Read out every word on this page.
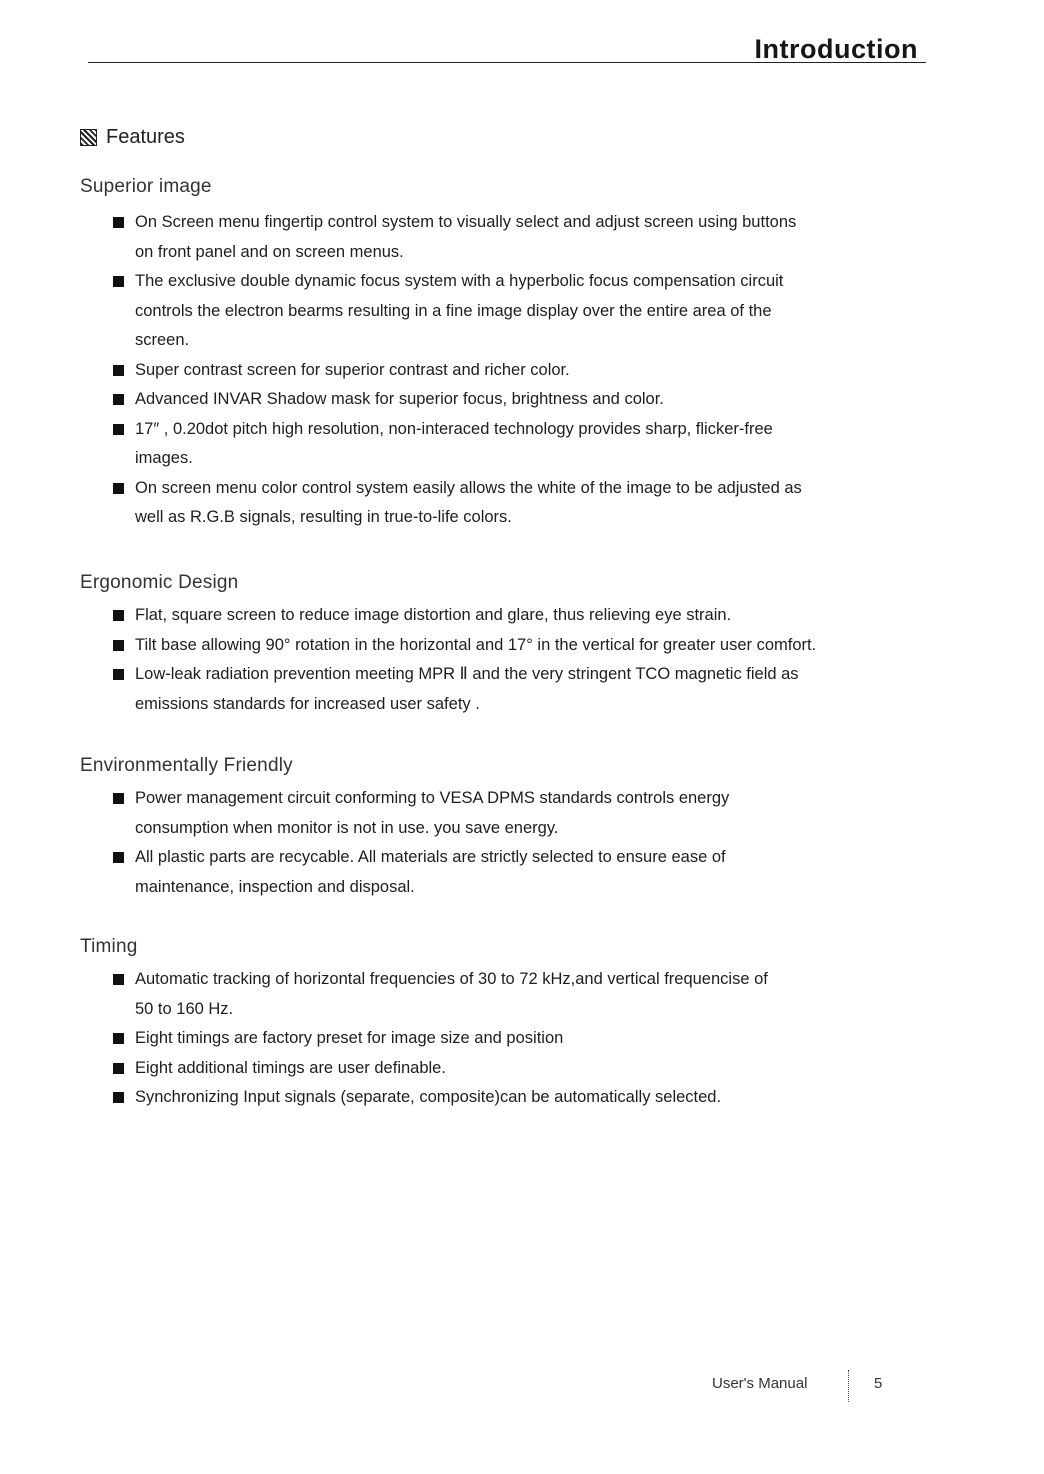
Introduction
Features
Superior image
On Screen menu fingertip control system to visually select and adjust screen using buttons
on front panel and on screen menus.
The exclusive double dynamic focus system with a hyperbolic focus compensation circuit
controls the electron bearms resulting in a fine image display over the entire area of the
screen.
Super contrast screen for superior contrast and richer color.
Advanced INVAR Shadow mask for superior focus, brightness and color.
17″ , 0.20dot pitch high resolution, non-interaced technology provides sharp, flicker-free
images.
On screen menu color control system easily allows the white of the image to be adjusted as
well as R.G.B signals, resulting in true-to-life colors.
Ergonomic Design
Flat, square screen to reduce image distortion and glare, thus relieving eye strain.
Tilt base allowing 90° rotation in the horizontal and 17° in the vertical for greater user comfort.
Low-leak radiation prevention meeting MPR Ⅱ and the very stringent TCO magnetic field as
emissions standards for increased user safety .
Environmentally Friendly
Power management circuit conforming to VESA DPMS standards controls energy
consumption when monitor is not in use. you save energy.
All plastic parts are recycable. All materials are strictly selected to ensure ease of
maintenance, inspection and disposal.
Timing
Automatic tracking of horizontal frequencies of 30 to 72 kHz,and vertical frequencise of
50 to 160 Hz.
Eight timings are factory preset for image size and position
Eight additional timings are user definable.
Synchronizing Input signals (separate, composite)can be automatically selected.
User's Manual	5
